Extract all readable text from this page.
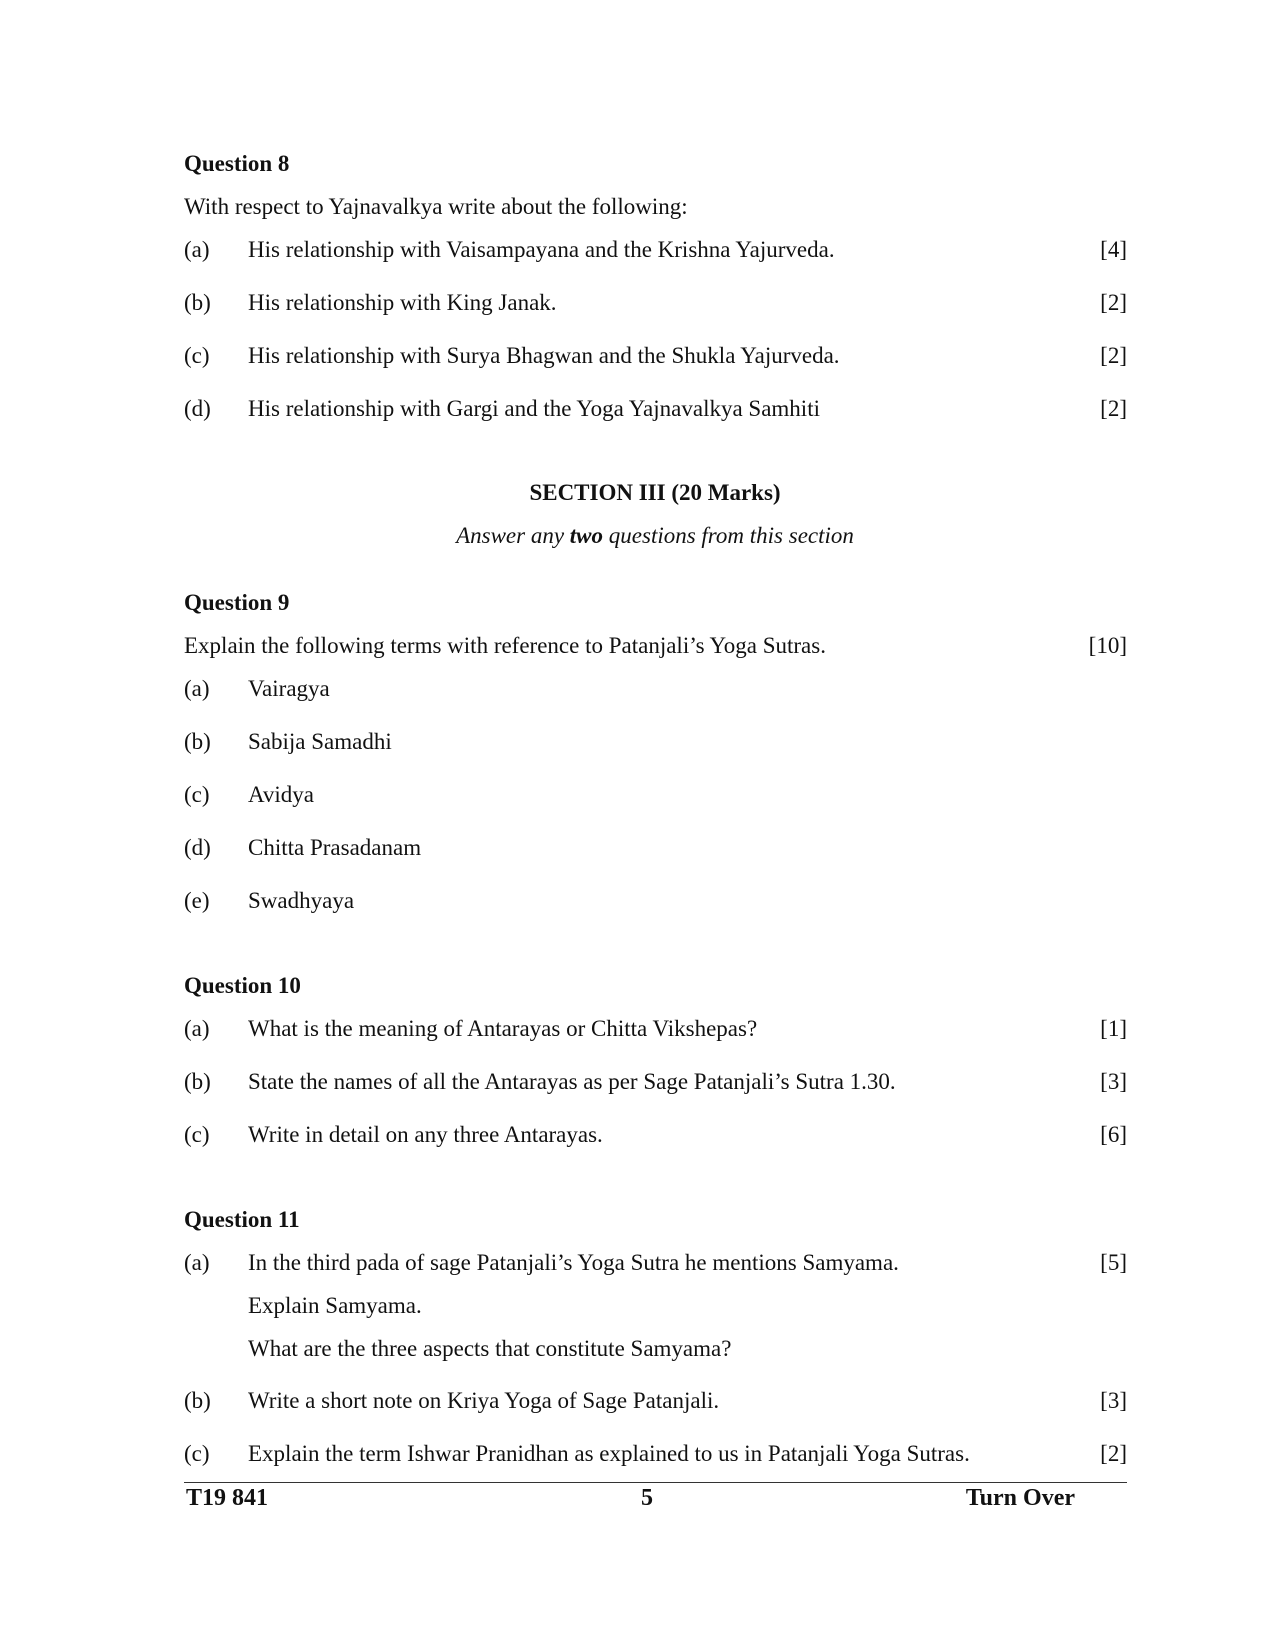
Question 8
With respect to Yajnavalkya write about the following:
(a) His relationship with Vaisampayana and the Krishna Yajurveda.	[4]
(b) His relationship with King Janak.	[2]
(c) His relationship with Surya Bhagwan and the Shukla Yajurveda.	[2]
(d) His relationship with Gargi and the Yoga Yajnavalkya Samhiti	[2]
SECTION III (20 Marks)
Answer any two questions from this section
Question 9
Explain the following terms with reference to Patanjali’s Yoga Sutras.	[10]
(a) Vairagya
(b) Sabija Samadhi
(c) Avidya
(d) Chitta Prasadanam
(e) Swadhyaya
Question 10
(a) What is the meaning of Antarayas or Chitta Vikshepas?	[1]
(b) State the names of all the Antarayas as per Sage Patanjali’s Sutra 1.30.	[3]
(c) Write in detail on any three Antarayas.	[6]
Question 11
(a) In the third pada of sage Patanjali’s Yoga Sutra he mentions Samyama.	[5]
Explain Samyama.
What are the three aspects that constitute Samyama?
(b) Write a short note on Kriya Yoga of Sage Patanjali.	[3]
(c) Explain the term Ishwar Pranidhan as explained to us in Patanjali Yoga Sutras.	[2]
T19 841	5	Turn Over
